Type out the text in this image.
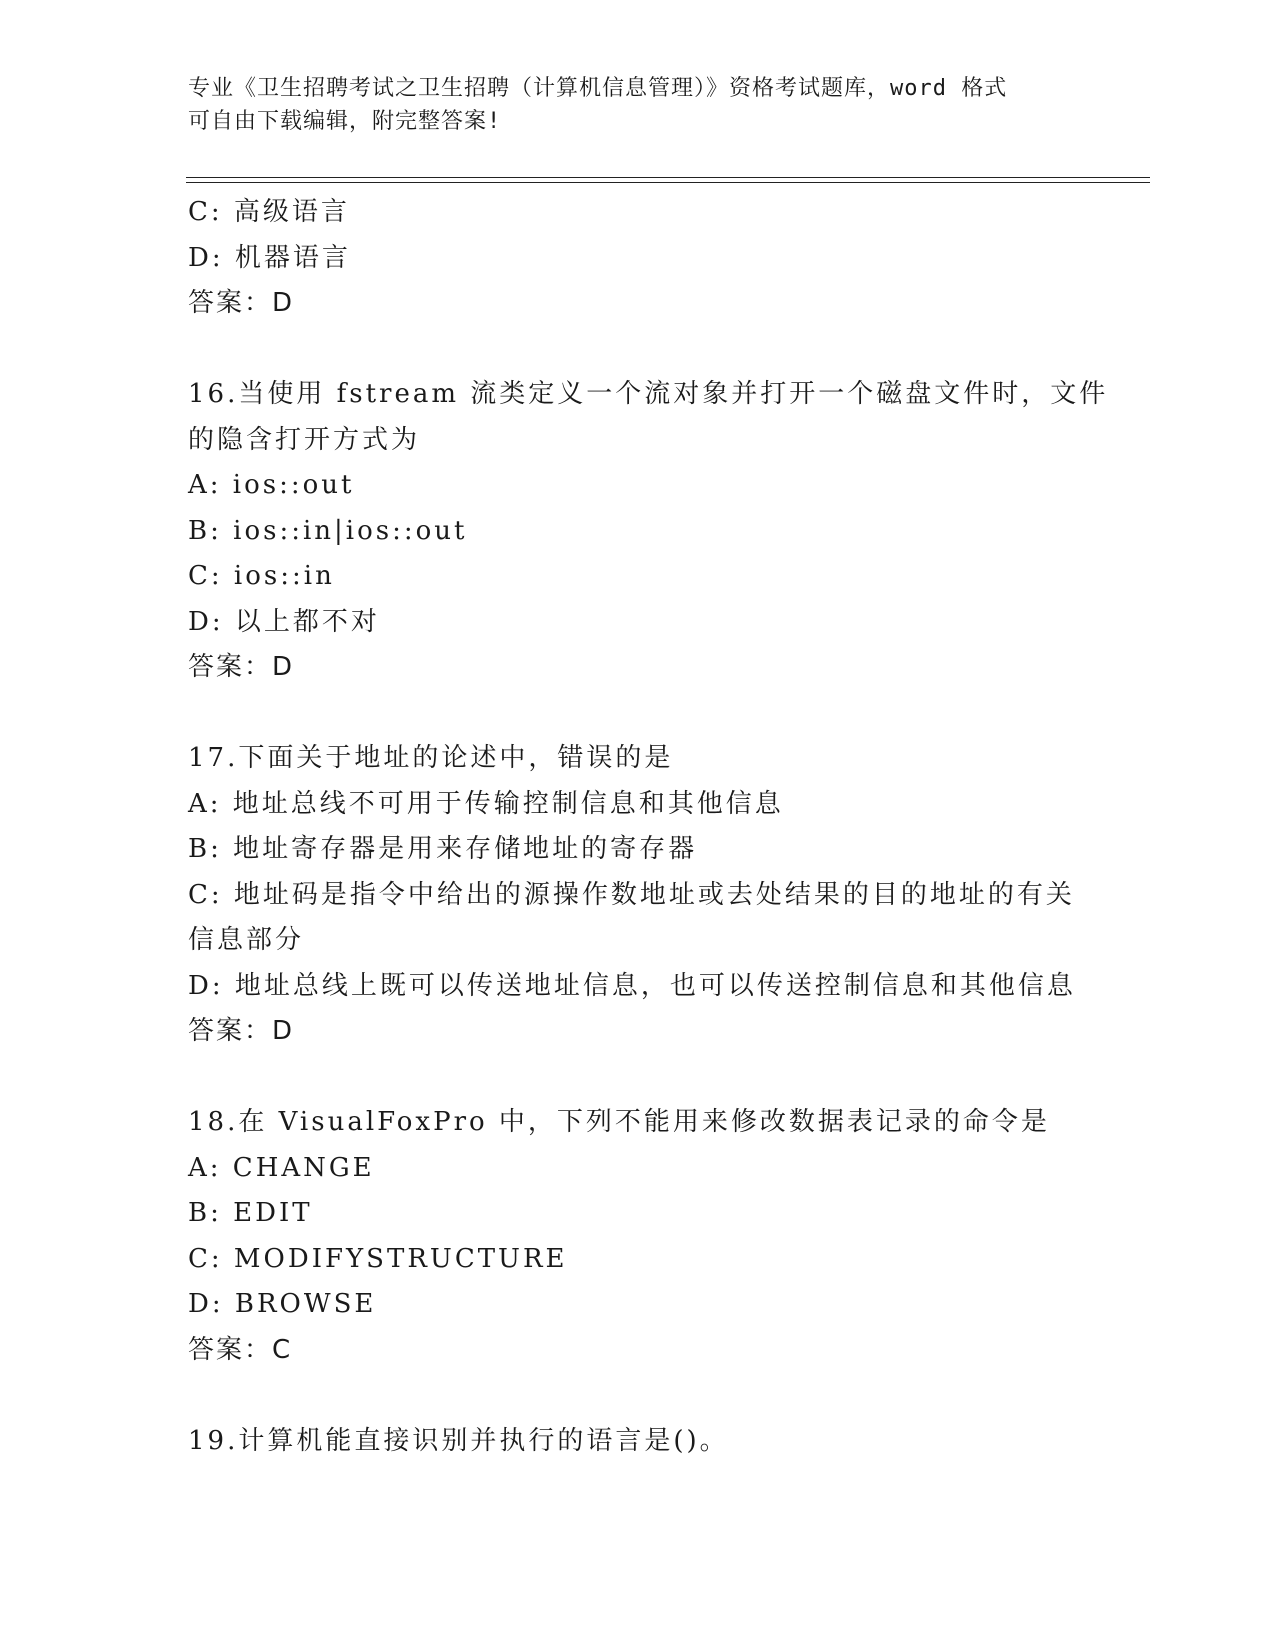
专业《卫生招聘考试之卫生招聘（计算机信息管理）》资格考试题库，word 格式
可自由下载编辑，附完整答案!
C: 高级语言
D: 机器语言
答案：D
16.当使用 fstream 流类定义一个流对象并打开一个磁盘文件时，文件
的隐含打开方式为
A: ios::out
B: ios::in|ios::out
C: ios::in
D: 以上都不对
答案：D
17.下面关于地址的论述中，错误的是
A: 地址总线不可用于传输控制信息和其他信息
B: 地址寄存器是用来存储地址的寄存器
C: 地址码是指令中给出的源操作数地址或去处结果的目的地址的有关
信息部分
D: 地址总线上既可以传送地址信息，也可以传送控制信息和其他信息
答案：D
18.在 VisualFoxPro 中，下列不能用来修改数据表记录的命令是
A: CHANGE
B: EDIT
C: MODIFYSTRUCTURE
D: BROWSE
答案：C
19.计算机能直接识别并执行的语言是()。
